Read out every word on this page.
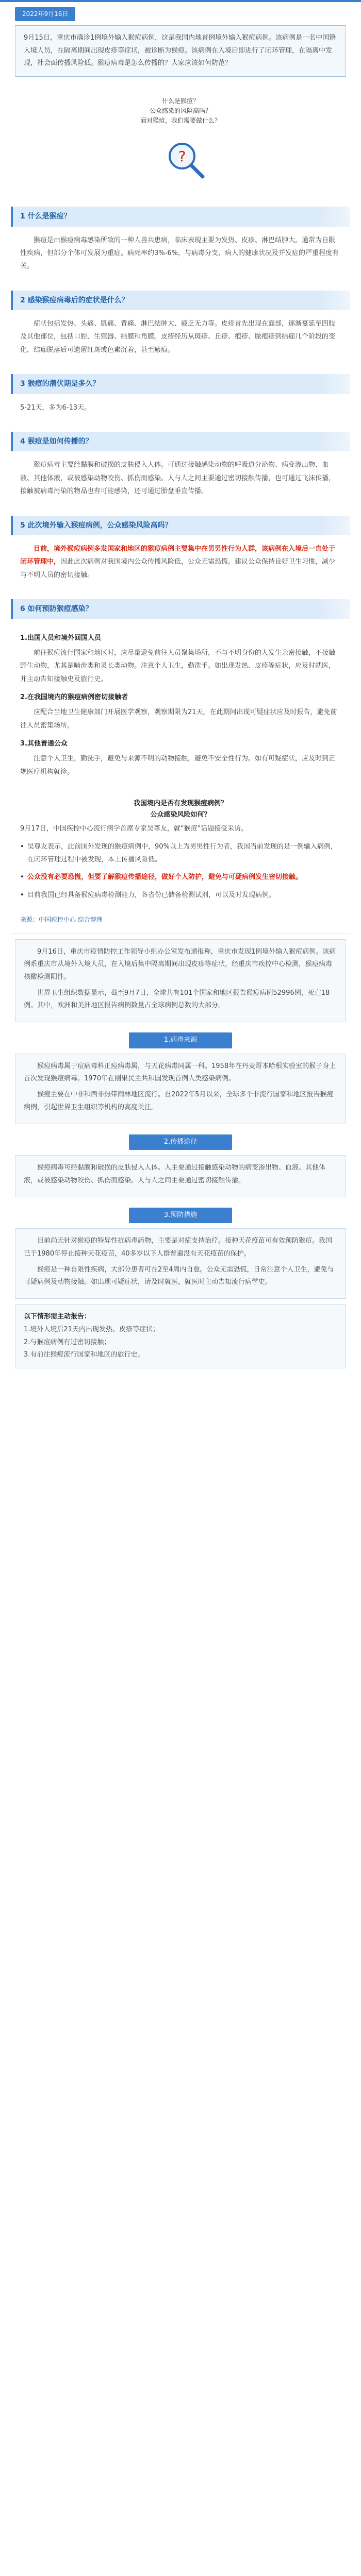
2022年9月16日
9月15日，重庆市确诊1例境外输入猴痘病例，这是我国内地首例境外输入猴痘病例。该病例是一名中国籍入境人员，在隔离期间出现皮疹等症状，被诊断为猴痘。该病例在入境后即进行了闭环管理，在隔离中发现，社会面传播风险低。猴痘病毒是怎么传播的？大家应该如何防范？
什么是猴痘？
公众感染的风险高吗？
面对猴痘，我们需要做什么？
?
1 什么是猴痘？

猴痘是由猴痘病毒感染所致的一种人兽共患病，临床表现主要为发热、皮疹、淋巴结肿大。通常为自限性疾病，但部分个体可发展为重症。病死率约3%-6%，与病毒分支、病人的健康状况及并发症的严重程度有关。

2 感染猴痘病毒后的症状是什么？

症状包括发热、头痛、肌痛、背痛、淋巴结肿大、疲乏无力等。皮疹首先出现在面部，逐渐蔓延至四肢及其他部位，包括口腔、生殖器、结膜和角膜。皮疹经历从斑疹、丘疹、疱疹、脓疱疹到结痂几个阶段的变化，结痂脱落后可遗留红斑或色素沉着，甚至瘢痕。

3 猴痘的潜伏期是多久？

5-21天，多为6-13天。

4 猴痘是如何传播的？

猴痘病毒主要经黏膜和破损的皮肤侵入人体。可通过接触感染动物的呼吸道分泌物、病变渗出物、血液、其他体液，或被感染动物咬伤、抓伤而感染。人与人之间主要通过密切接触传播，也可通过飞沫传播，接触被病毒污染的物品也有可能感染，还可通过胎盘垂直传播。

5 此次境外输入猴痘病例，公众感染风险高吗？

目前，境外猴痘病例多发国家和地区的猴痘病例主要集中在男男性行为人群，该病例在入境后一直处于闭环管理中，因此此次病例对我国境内公众传播风险低，公众无需恐慌。建议公众保持良好卫生习惯，减少与不明人员的密切接触。

6 如何预防猴痘感染？
1.出国人员和境外回国人员

前往猴痘流行国家和地区时，应尽量避免前往人员聚集场所，不与不明身份的人发生亲密接触，不接触野生动物，尤其是啮齿类和灵长类动物。注意个人卫生，勤洗手。如出现发热、皮疹等症状，应及时就医，并主动告知接触史及旅行史。

2.在我国境内的猴痘病例密切接触者

应配合当地卫生健康部门开展医学观察，观察期限为21天，在此期间出现可疑症状应及时报告，避免前往人员密集场所。

3.其他普通公众

注意个人卫生，勤洗手，避免与来源不明的动物接触，避免不安全性行为。如有可疑症状，应及时到正规医疗机构就诊。

我国境内是否有发现猴痘病例？
公众感染风险如何？
9月17日，中国疾控中心流行病学首席专家吴尊友，就“猴痘”话题接受采访。
• 吴尊友表示，此前国外发现的猴痘病例中，90%以上为男男性行为者，我国当前发现的是一例输入病例，在闭环管理过程中被发现，本土传播风险低。
• 公众没有必要恐慌，但要了解猴痘传播途径，做好个人防护，避免与可疑病例发生密切接触。
• 目前我国已经具备猴痘病毒检测能力，各省份已储备检测试剂，可以及时发现病例。
来源：中国疾控中心 综合整理

9月16日，重庆市疫情防控工作领导小组办公室发布通报称，重庆市发现1例境外输入猴痘病例。该病例系重庆市从境外入境人员，在入境后集中隔离期间出现皮疹等症状，经重庆市疾控中心检测，猴痘病毒核酸检测阳性。

世界卫生组织数据显示，截至9月7日，全球共有101个国家和地区报告猴痘病例52996例，死亡18例。其中，欧洲和美洲地区报告病例数量占全球病例总数的大部分。

1.病毒来源

猴痘病毒属于痘病毒科正痘病毒属，与天花病毒同属一科。1958年在丹麦哥本哈根实验室的猴子身上首次发现猴痘病毒。1970年在刚果民主共和国发现首例人类感染病例。

猴痘主要在中非和西非热带雨林地区流行。自2022年5月以来，全球多个非流行国家和地区报告猴痘病例，引起世界卫生组织等机构的高度关注。

2.传播途径

猴痘病毒可经黏膜和破损的皮肤侵入人体。人主要通过接触感染动物的病变渗出物、血液、其他体液，或被感染动物咬伤、抓伤而感染。人与人之间主要通过密切接触传播。

3.预防措施

目前尚无针对猴痘的特异性抗病毒药物，主要是对症支持治疗。接种天花疫苗可有效预防猴痘。我国已于1980年停止接种天花疫苗，40多岁以下人群普遍没有天花疫苗的保护。

猴痘是一种自限性疾病，大部分患者可在2至4周内自愈。公众无需恐慌，日常注意个人卫生，避免与可疑病例及动物接触。如出现可疑症状，请及时就医，就医时主动告知流行病学史。

以下情形需主动报告：
1.境外入境后21天内出现发热、皮疹等症状；
2.与猴痘病例有过密切接触；
3.有前往猴痘流行国家和地区的旅行史。
